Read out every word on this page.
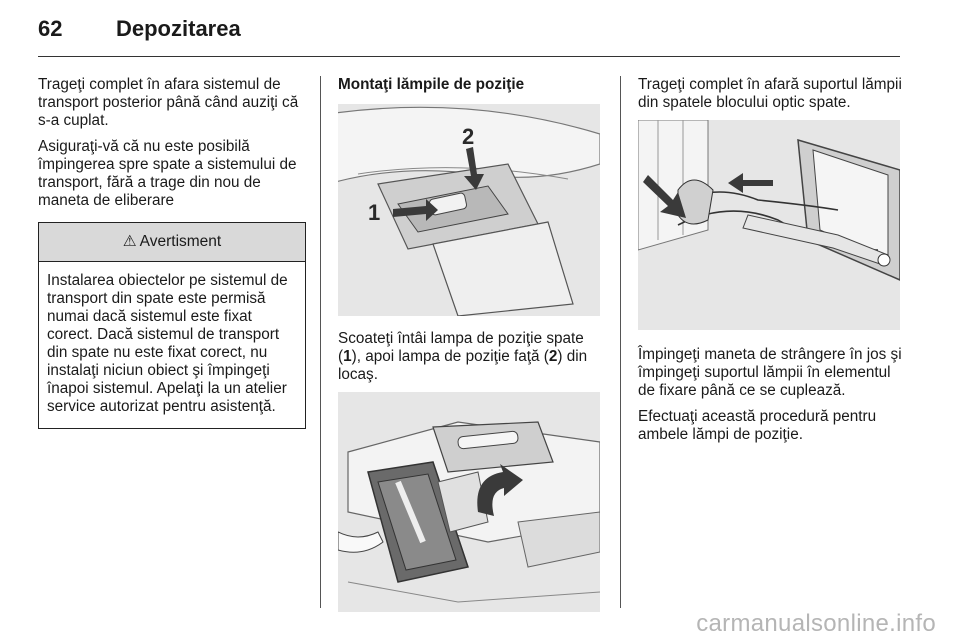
62	Depozitarea

Trageţi complet în afara sistemul de transport posterior până când auziţi că s-a cuplat.

Asiguraţi-vă că nu este posibilă împingerea spre spate a sistemului de transport, fără a trage din nou de maneta de eliberare

⚠ Avertisment
Instalarea obiectelor pe sistemul de transport din spate este permisă numai dacă sistemul este fixat corect. Dacă sistemul de transport din spate nu este fixat corect, nu instalaţi niciun obiect şi împingeţi înapoi sistemul. Apelaţi la un atelier service autorizat pentru asistenţă.
Montaţi lămpile de poziţie
1
2

Scoateţi întâi lampa de poziţie spate (1), apoi lampa de poziţie faţă (2) din locaş.

Trageţi complet în afară suportul lămpii din spatele blocului optic spate.

Împingeţi maneta de strângere în jos şi împingeţi suportul lămpii în elementul de fixare până ce se cuplează.

Efectuaţi această procedură pentru ambele lămpi de poziţie.

carmanualsonline.info
